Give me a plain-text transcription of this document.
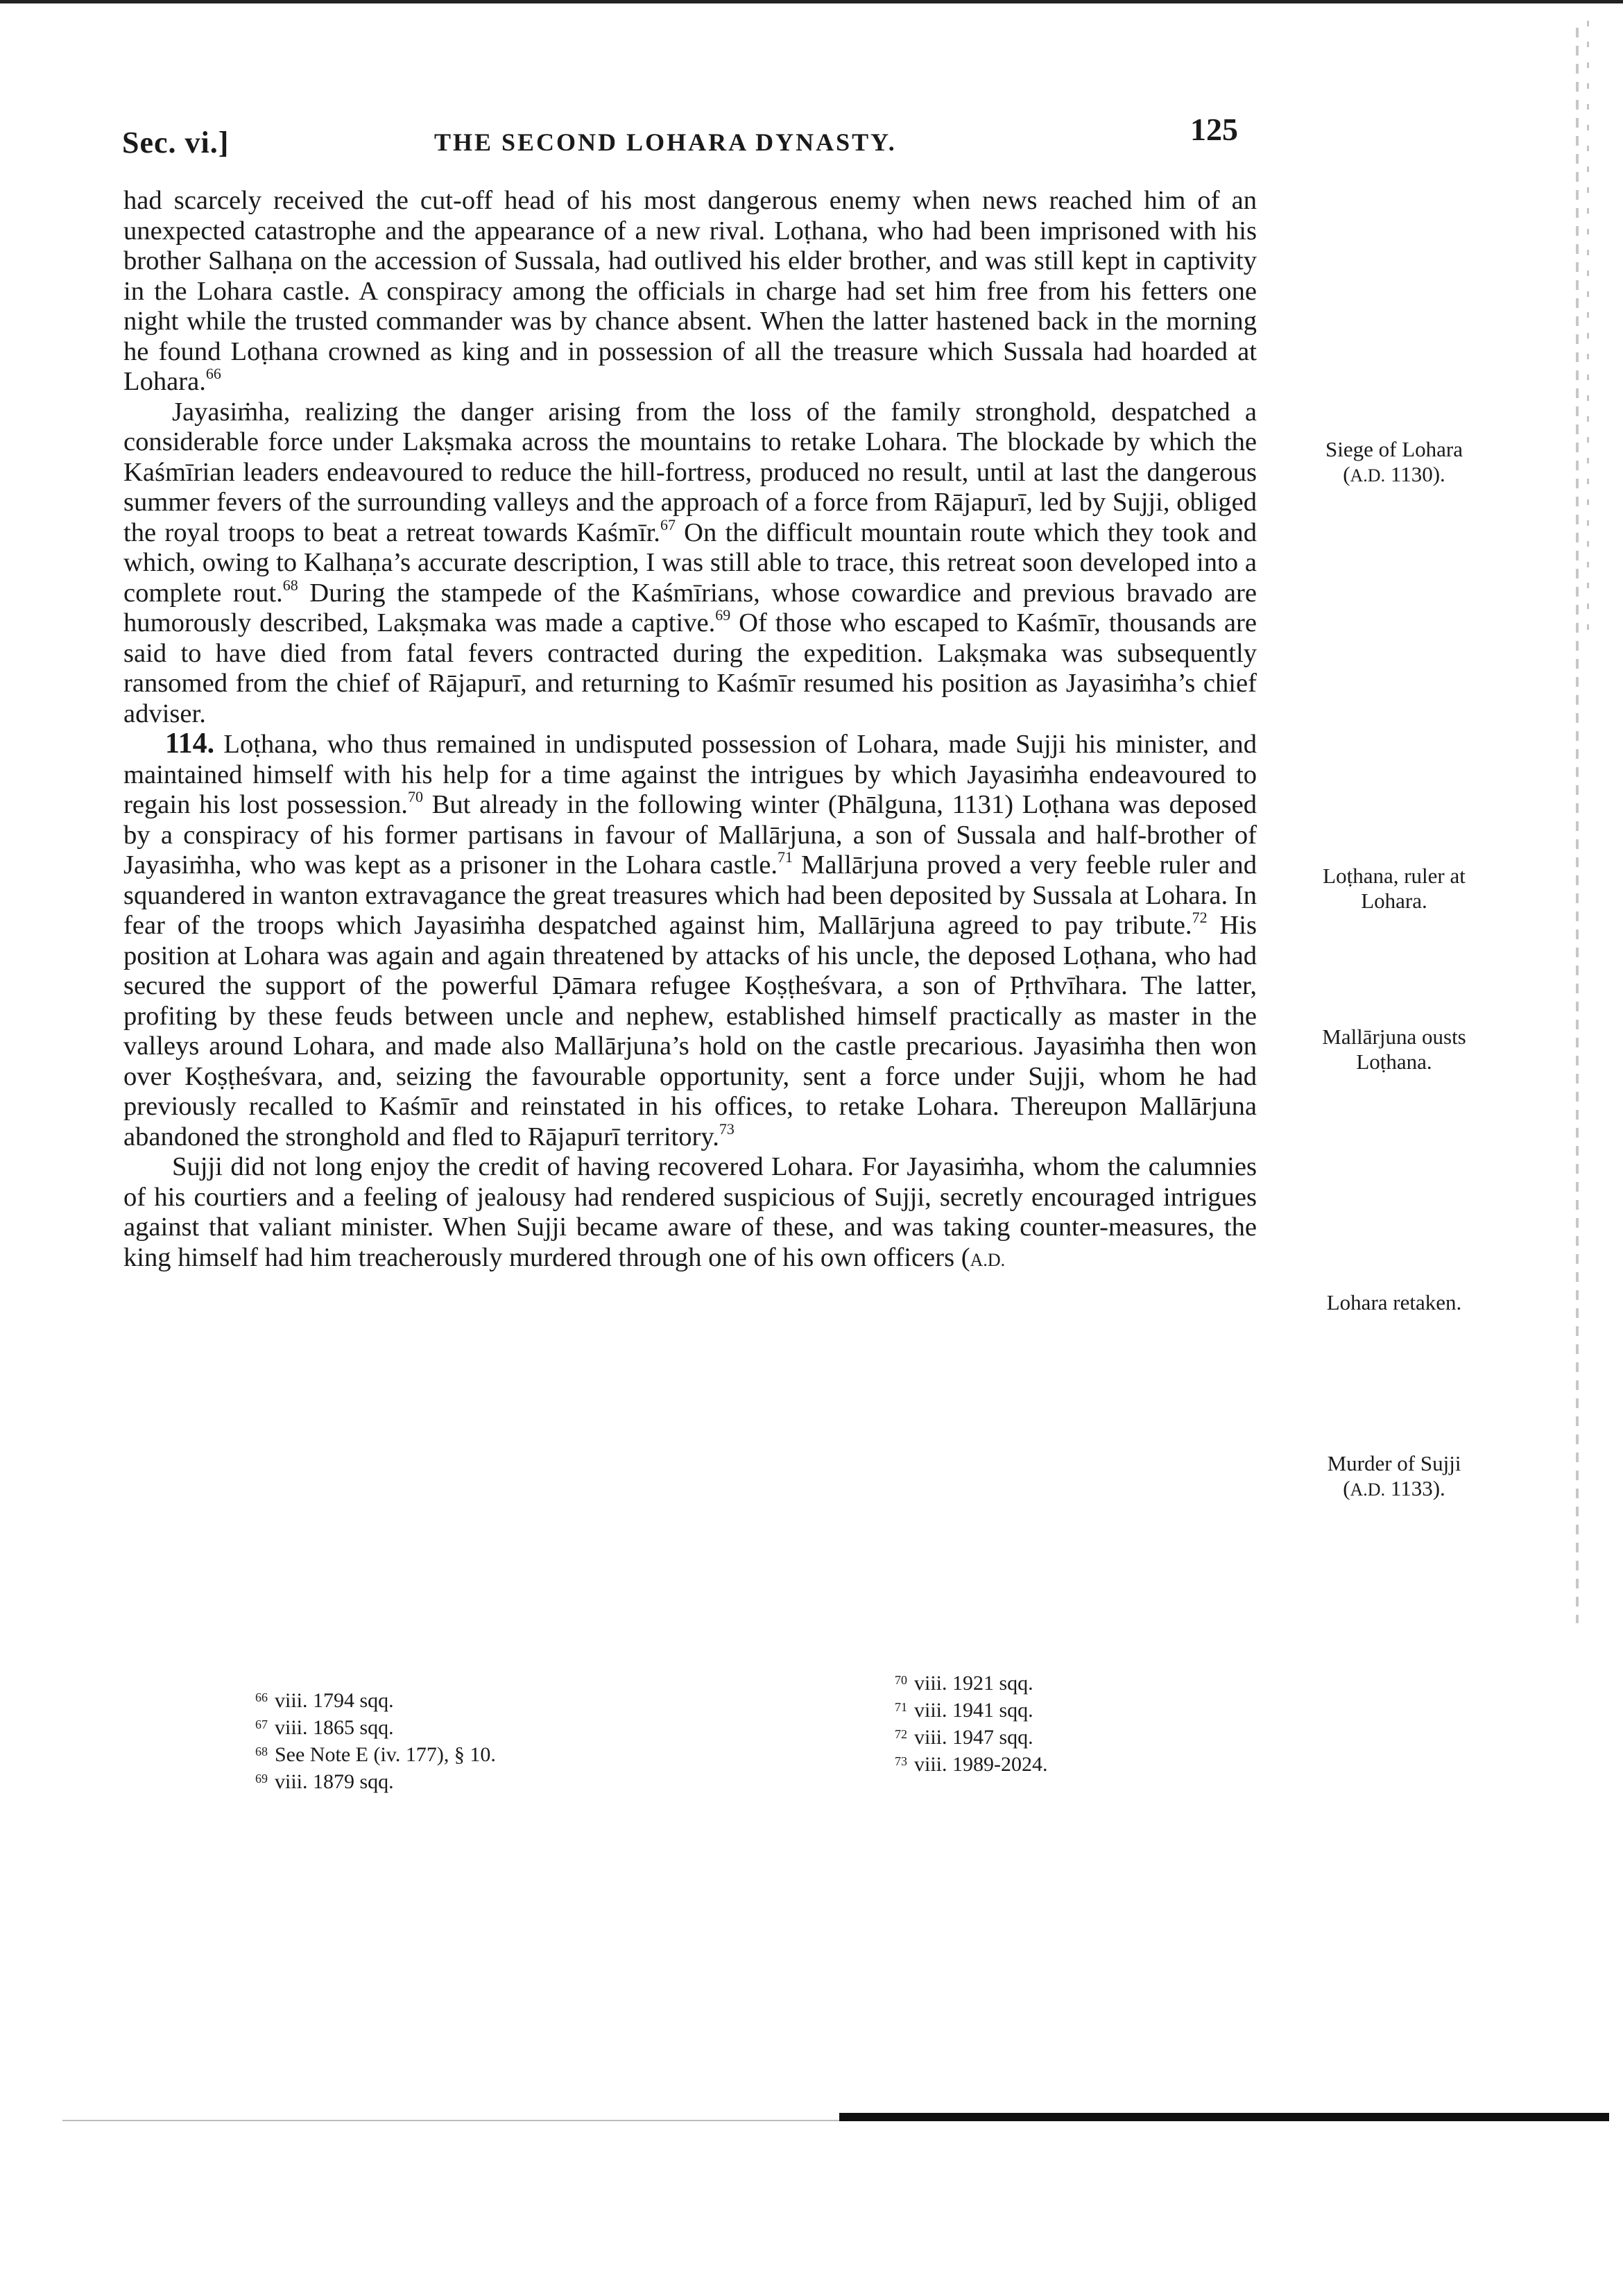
Sec. vi.]	THE SECOND LOHARA DYNASTY.	125

had scarcely received the cut-off head of his most dangerous enemy when news reached him of an unexpected catastrophe and the appearance of a new rival. Loṭhana, who had been imprisoned with his brother Salhaṇa on the accession of Sussala, had outlived his elder brother, and was still kept in captivity in the Lohara castle. A conspiracy among the officials in charge had set him free from his fetters one night while the trusted commander was by chance absent. When the latter hastened back in the morning he found Loṭhana crowned as king and in possession of all the treasure which Sussala had hoarded at Lohara.$^{66}$

Jayasiṁha, realizing the danger arising from the loss of the family stronghold, despatched a considerable force under Lakṣmaka across the mountains to retake Lohara. The blockade by which the Kaśmīrian leaders endeavoured to reduce the hill-fortress, produced no result, until at last the dangerous summer fevers of the surrounding valleys and the approach of a force from Rājapurī, led by Sujji, obliged the royal troops to beat a retreat towards Kaśmīr.$^{67}$ On the difficult mountain route which they took and which, owing to Kalhaṇa’s accurate description, I was still able to trace, this retreat soon developed into a complete rout.$^{68}$ During the stampede of the Kaśmīrians, whose cowardice and previous bravado are humorously described, Lakṣmaka was made a captive.$^{69}$ Of those who escaped to Kaśmīr, thousands are said to have died from fatal fevers contracted during the expedition. Lakṣmaka was subsequently ransomed from the chief of Rājapurī, and returning to Kaśmīr resumed his position as Jayasiṁha’s chief adviser.

114. Loṭhana, who thus remained in undisputed possession of Lohara, made Sujji his minister, and maintained himself with his help for a time against the intrigues by which Jayasiṁha endeavoured to regain his lost possession.$^{70}$ But already in the following winter (Phālguna, 1131) Loṭhana was deposed by a conspiracy of his former partisans in favour of Mallārjuna, a son of Sussala and half-brother of Jayasiṁha, who was kept as a prisoner in the Lohara castle.$^{71}$ Mallārjuna proved a very feeble ruler and squandered in wanton extravagance the great treasures which had been deposited by Sussala at Lohara. In fear of the troops which Jayasiṁha despatched against him, Mallārjuna agreed to pay tribute.$^{72}$ His position at Lohara was again and again threatened by attacks of his uncle, the deposed Loṭhana, who had secured the support of the powerful Ḍāmara refugee Koṣṭheśvara, a son of Pṛthvīhara. The latter, profiting by these feuds between uncle and nephew, established himself practically as master in the valleys around Lohara, and made also Mallārjuna’s hold on the castle precarious. Jayasiṁha then won over Koṣṭheśvara, and, seizing the favourable opportunity, sent a force under Sujji, whom he had previously recalled to Kaśmīr and reinstated in his offices, to retake Lohara. Thereupon Mallārjuna abandoned the stronghold and fled to Rājapurī territory.$^{73}$

Sujji did not long enjoy the credit of having recovered Lohara. For Jayasiṁha, whom the calumnies of his courtiers and a feeling of jealousy had rendered suspicious of Sujji, secretly encouraged intrigues against that valiant minister. When Sujji became aware of these, and was taking counter-measures, the king himself had him treacherously murdered through one of his own officers (A.D.

Siege of Lohara
(A.D. 1130).
Loṭhana, ruler at
Lohara.
Mallārjuna ousts
Loṭhana.
Lohara retaken.
Murder of Sujji
(A.D. 1133).
$^{66}$ viii. 1794 sqq.
$^{67}$ viii. 1865 sqq.
$^{68}$ See Note E (iv. 177), § 10.
$^{69}$ viii. 1879 sqq.
$^{70}$ viii. 1921 sqq.
$^{71}$ viii. 1941 sqq.
$^{72}$ viii. 1947 sqq.
$^{73}$ viii. 1989-2024.
